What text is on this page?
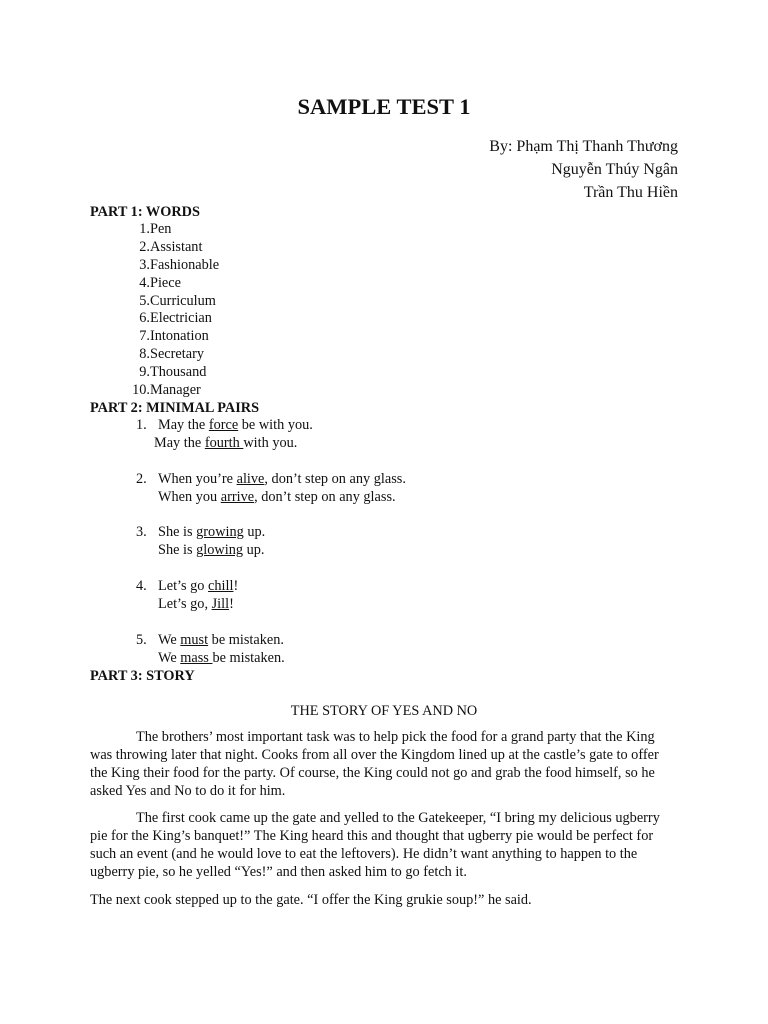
SAMPLE TEST 1
By: Phạm Thị Thanh Thương
Nguyễn Thúy Ngân
Trần Thu Hiền
PART 1: WORDS
1. Pen
2. Assistant
3. Fashionable
4. Piece
5. Curriculum
6. Electrician
7. Intonation
8. Secretary
9. Thousand
10. Manager
PART 2: MINIMAL PAIRS
1. May the force be with you.
May the fourth with you.
2. When you’re alive, don’t step on any glass.
When you arrive, don’t step on any glass.
3. She is growing up.
She is glowing up.
4. Let’s go chill!
Let’s go, Jill!
5. We must be mistaken.
We mass be mistaken.
PART 3: STORY
THE STORY OF YES AND NO

The brothers’ most important task was to help pick the food for a grand party that the King was throwing later that night. Cooks from all over the Kingdom lined up at the castle’s gate to offer the King their food for the party. Of course, the King could not go and grab the food himself, so he asked Yes and No to do it for him.

The first cook came up the gate and yelled to the Gatekeeper, “I bring my delicious ugberry pie for the King’s banquet!” The King heard this and thought that ugberry pie would be perfect for such an event (and he would love to eat the leftovers). He didn’t want anything to happen to the ugberry pie, so he yelled “Yes!” and then asked him to go fetch it.

The next cook stepped up to the gate. “I offer the King grukie soup!” he said.
